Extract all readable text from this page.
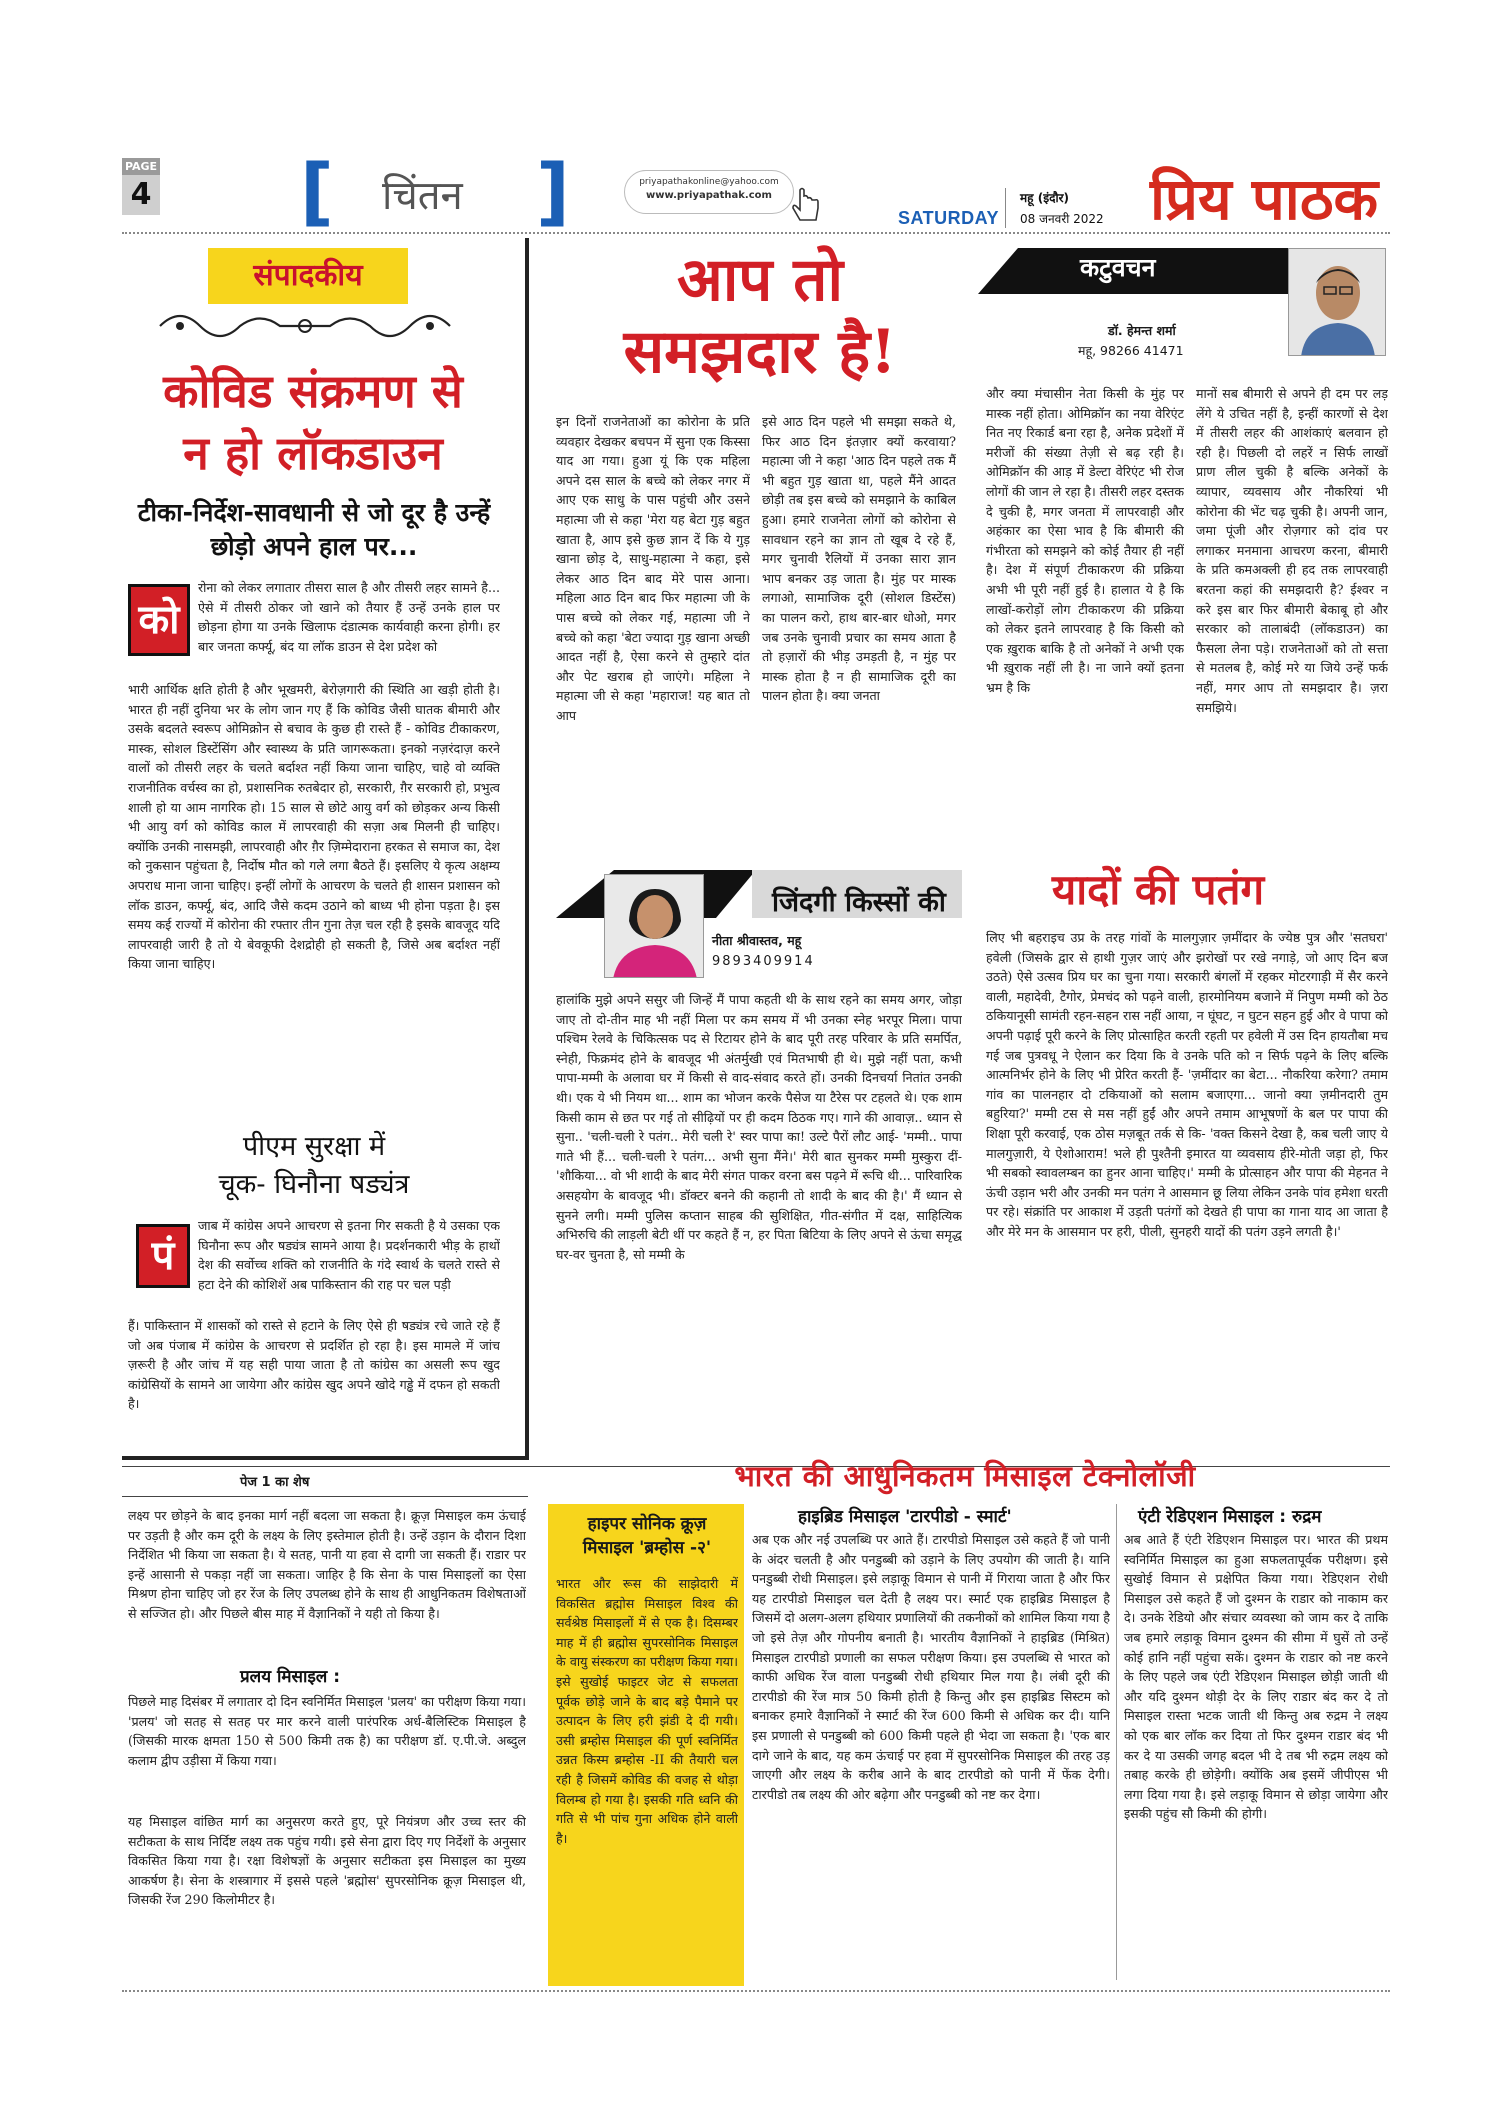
PAGE
4 [ चिंतन ]	priyapathakonline@yahoo.com
www.priyapathak.com
SATURDAY
महू (इंदौर)
08 जनवरी 2022 प्रिय पाठक
संपादकीय
कोविड संक्रमण से
न हो लॉकडाउन
टीका-निर्देश-सावधानी से जो दूर है उन्हें छोड़ो अपने हाल पर...
को
रोना को लेकर लगातार तीसरा साल है और तीसरी लहर सामने है... ऐसे में तीसरी ठोकर जो खाने को तैयार हैं उन्हें उनके हाल पर छोड़ना होगा या उनके खिलाफ दंडात्मक कार्यवाही करना होगी। हर बार जनता कर्फ्यू, बंद या लॉक डाउन से देश प्रदेश को
भारी आर्थिक क्षति होती है और भूखमरी, बेरोज़गारी की स्थिति आ खड़ी होती है। भारत ही नहीं दुनिया भर के लोग जान गए हैं कि कोविड जैसी घातक बीमारी और उसके बदलते स्वरूप ओमिक्रोन से बचाव के कुछ ही रास्ते हैं - कोविड टीकाकरण, मास्क, सोशल डिस्टेंसिंग और स्वास्थ्य के प्रति जागरूकता। इनको नज़रंदाज़ करने वालों को तीसरी लहर के चलते बर्दाश्त नहीं किया जाना चाहिए, चाहे वो व्यक्ति राजनीतिक वर्चस्व का हो, प्रशासनिक रुतबेदार हो, सरकारी, ग़ैर सरकारी हो, प्रभुत्व शाली हो या आम नागरिक हो। 15 साल से छोटे आयु वर्ग को छोड़कर अन्य किसी भी आयु वर्ग को कोविड काल में लापरवाही की सज़ा अब मिलनी ही चाहिए। क्योंकि उनकी नासमझी, लापरवाही और ग़ैर ज़िम्मेदाराना हरकत से समाज का, देश को नुकसान पहुंचता है, निर्दोष मौत को गले लगा बैठते हैं। इसलिए ये कृत्य अक्षम्य अपराध माना जाना चाहिए। इन्हीं लोगों के आचरण के चलते ही शासन प्रशासन को लॉक डाउन, कर्फ्यू, बंद, आदि जैसे कदम उठाने को बाध्य भी होना पड़ता है। इस समय कई राज्यों में कोरोना की रफ्तार तीन गुना तेज़ चल रही है इसके बावजूद यदि लापरवाही जारी है तो ये बेवकूफी देशद्रोही हो सकती है, जिसे अब बर्दाश्त नहीं किया जाना चाहिए।
पीएम सुरक्षा में
चूक- घिनौना षड्यंत्र
पं
जाब में कांग्रेस अपने आचरण से इतना गिर सकती है ये उसका एक घिनौना रूप और षड्यंत्र सामने आया है। प्रदर्शनकारी भीड़ के हाथों देश की सर्वोच्च शक्ति को राजनीति के गंदे स्वार्थ के चलते रास्ते से हटा देने की कोशिशें अब पाकिस्तान की राह पर चल पड़ी
हैं। पाकिस्तान में शासकों को रास्ते से हटाने के लिए ऐसे ही षड्यंत्र रचे जाते रहे हैं जो अब पंजाब में कांग्रेस के आचरण से प्रदर्शित हो रहा है। इस मामले में जांच ज़रूरी है और जांच में यह सही पाया जाता है तो कांग्रेस का असली रूप खुद कांग्रेसियों के सामने आ जायेगा और कांग्रेस खुद अपने खोदे गड्ढे में दफन हो सकती है।
आप तो
समझदार है!
इन दिनों राजनेताओं का कोरोना के प्रति व्यवहार देखकर बचपन में सुना एक किस्सा याद आ गया। हुआ यूं कि एक महिला अपने दस साल के बच्चे को लेकर नगर में आए एक साधु के पास पहुंची और उसने महात्मा जी से कहा 'मेरा यह बेटा गुड़ बहुत खाता है, आप इसे कुछ ज्ञान दें कि ये गुड़ खाना छोड़ दे, साधु-महात्मा ने कहा, इसे लेकर आठ दिन बाद मेरे पास आना। महिला आठ दिन बाद फिर महात्मा जी के पास बच्चे को लेकर गई, महात्मा जी ने बच्चे को कहा 'बेटा ज्यादा गुड़ खाना अच्छी आदत नहीं है, ऐसा करने से तुम्हारे दांत और पेट खराब हो जाएंगे। महिला ने महात्मा जी से कहा 'महाराज! यह बात तो आप
इसे आठ दिन पहले भी समझा सकते थे, फिर आठ दिन इंतज़ार क्यों करवाया? महात्मा जी ने कहा 'आठ दिन पहले तक मैं भी बहुत गुड़ खाता था, पहले मैंने आदत छोड़ी तब इस बच्चे को समझाने के काबिल हुआ। हमारे राजनेता लोगों को कोरोना से सावधान रहने का ज्ञान तो खूब दे रहे हैं, मगर चुनावी रैलियों में उनका सारा ज्ञान भाप बनकर उड़ जाता है। मुंह पर मास्क लगाओ, सामाजिक दूरी (सोशल डिस्टेंस) का पालन करो, हाथ बार-बार धोओ, मगर जब उनके चुनावी प्रचार का समय आता है तो हज़ारों की भीड़ उमड़ती है, न मुंह पर मास्क होता है न ही सामाजिक दूरी का पालन होता है। क्या जनता
कटुवचन
डॉ. हेमन्त शर्मा
महू, 98266 41471
और क्या मंचासीन नेता किसी के मुंह पर मास्क नहीं होता। ओमिक्रॉन का नया वेरिएंट नित नए रिकार्ड बना रहा है, अनेक प्रदेशों में मरीजों की संख्या तेज़ी से बढ़ रही है। ओमिक्रॉन की आड़ में डेल्टा वेरिएंट भी रोज लोगों की जान ले रहा है। तीसरी लहर दस्तक दे चुकी है, मगर जनता में लापरवाही और अहंकार का ऐसा भाव है कि बीमारी की गंभीरता को समझने को कोई तैयार ही नहीं है। देश में संपूर्ण टीकाकरण की प्रक्रिया अभी भी पूरी नहीं हुई है। हालात ये है कि लाखों-करोड़ों लोग टीकाकरण की प्रक्रिया को लेकर इतने लापरवाह है कि किसी को एक ख़ुराक बाकि है तो अनेकों ने अभी एक भी ख़ुराक नहीं ली है। ना जाने क्यों इतना भ्रम है कि
मानों सब बीमारी से अपने ही दम पर लड़ लेंगे ये उचित नहीं है, इन्हीं कारणों से देश में तीसरी लहर की आशंकाएं बलवान हो रही है। पिछली दो लहरें न सिर्फ लाखों प्राण लील चुकी है बल्कि अनेकों के व्यापार, व्यवसाय और नौकरियां भी कोरोना की भेंट चढ़ चुकी है। अपनी जान, जमा पूंजी और रोज़गार को दांव पर लगाकर मनमाना आचरण करना, बीमारी के प्रति कमअक्ली ही हद तक लापरवाही बरतना कहां की समझदारी है? ईश्वर न करे इस बार फिर बीमारी बेकाबू हो और सरकार को तालाबंदी (लॉकडाउन) का फैसला लेना पड़े। राजनेताओं को तो सत्ता से मतलब है, कोई मरे या जिये उन्हें फर्क नहीं, मगर आप तो समझदार है। ज़रा समझिये।
जिंदगी किस्सों की
नीता श्रीवास्तव, महू
9893409914
हालांकि मुझे अपने ससुर जी जिन्हें मैं पापा कहती थी के साथ रहने का समय अगर, जोड़ा जाए तो दो-तीन माह भी नहीं मिला पर कम समय में भी उनका स्नेह भरपूर मिला। पापा पश्चिम रेलवे के चिकित्सक पद से रिटायर होने के बाद पूरी तरह परिवार के प्रति समर्पित, स्नेही, फिक्रमंद होने के बावजूद भी अंतर्मुखी एवं मितभाषी ही थे। मुझे नहीं पता, कभी पापा-मम्मी के अलावा घर में किसी से वाद-संवाद करते हों। उनकी दिनचर्या नितांत उनकी थी। एक ये भी नियम था... शाम का भोजन करके पैसेज या टैरेस पर टहलते थे। एक शाम किसी काम से छत पर गई तो सीढ़ियों पर ही कदम ठिठक गए। गाने की आवाज़.. ध्यान से सुना.. 'चली-चली रे पतंग.. मेरी चली रे' स्वर पापा का! उल्टे पैरों लौट आई- 'मम्मी.. पापा गाते भी हैं... चली-चली रे पतंग... अभी सुना मैंने।' मेरी बात सुनकर मम्मी मुस्कुरा दीं- 'शौकिया... वो भी शादी के बाद मेरी संगत पाकर वरना बस पढ़ने में रूचि थी... पारिवारिक असहयोग के बावजूद भी। डॉक्टर बनने की कहानी तो शादी के बाद की है।' मैं ध्यान से सुनने लगी। मम्मी पुलिस कप्तान साहब की सुशिक्षित, गीत-संगीत में दक्ष, साहित्यिक अभिरुचि की लाड़ली बेटी थीं पर कहते हैं न, हर पिता बिटिया के लिए अपने से ऊंचा समृद्ध घर-वर चुनता है, सो मम्मी के
यादों की पतंग
लिए भी बहराइच उप्र के तरह गांवों के मालगुज़ार ज़मींदार के ज्येष्ठ पुत्र और 'सतघरा' हवेली (जिसके द्वार से हाथी गुज़र जाएं और झरोखों पर रखे नगाड़े, जो आए दिन बज उठते) ऐसे उत्सव प्रिय घर का चुना गया। सरकारी बंगलों में रहकर मोटरगाड़ी में सैर करने वाली, महादेवी, टैगोर, प्रेमचंद को पढ़ने वाली, हारमोनियम बजाने में निपुण मम्मी को ठेठ ठकियानूसी सामंती रहन-सहन रास नहीं आया, न घूंघट, न घुटन सहन हुई और वे पापा को अपनी पढ़ाई पूरी करने के लिए प्रोत्साहित करती रहती पर हवेली में उस दिन हायतौबा मच गई जब पुत्रवधू ने ऐलान कर दिया कि वे उनके पति को न सिर्फ पढ़ने के लिए बल्कि आत्मनिर्भर होने के लिए भी प्रेरित करती हैं- 'ज़मींदार का बेटा... नौकरिया करेगा? तमाम गांव का पालनहार दो टकियाओं को सलाम बजाएगा... जानो क्या ज़मीनदारी तुम बहुरिया?' मम्मी टस से मस नहीं हुईं और अपने तमाम आभूषणों के बल पर पापा की शिक्षा पूरी करवाई, एक ठोस मज़बूत तर्क से कि- 'वक्त किसने देखा है, कब चली जाए ये मालगुज़ारी, ये ऐशोआराम! भले ही पुश्तैनी इमारत या व्यवसाय हीरे-मोती जड़ा हो, फिर भी सबको स्वावलम्बन का हुनर आना चाहिए।' मम्मी के प्रोत्साहन और पापा की मेहनत ने ऊंची उड़ान भरी और उनकी मन पतंग ने आसमान छू लिया लेकिन उनके पांव हमेशा धरती पर रहे। संक्रांति पर आकाश में उड़ती पतंगों को देखते ही पापा का गाना याद आ जाता है और मेरे मन के आसमान पर हरी, पीली, सुनहरी यादों की पतंग उड़ने लगती है।'
भारत की आधुनिकतम मिसाइल टेक्नोलॉजी
पेज 1 का शेष
लक्ष्य पर छोड़ने के बाद इनका मार्ग नहीं बदला जा सकता है। क्रूज़ मिसाइल कम ऊंचाई पर उड़ती है और कम दूरी के लक्ष्य के लिए इस्तेमाल होती है। उन्हें उड़ान के दौरान दिशा निर्देशित भी किया जा सकता है। ये सतह, पानी या हवा से दागी जा सकती हैं। राडार पर इन्हें आसानी से पकड़ा नहीं जा सकता। जाहिर है कि सेना के पास मिसाइलों का ऐसा मिश्रण होना चाहिए जो हर रेंज के लिए उपलब्ध होने के साथ ही आधुनिकतम विशेषताओं से सज्जित हो। और पिछले बीस माह में वैज्ञानिकों ने यही तो किया है।
प्रलय मिसाइल :
पिछले माह दिसंबर में लगातार दो दिन स्वनिर्मित मिसाइल 'प्रलय' का परीक्षण किया गया। 'प्रलय' जो सतह से सतह पर मार करने वाली पारंपरिक अर्ध-बैलिस्टिक मिसाइल है (जिसकी मारक क्षमता 150 से 500 किमी तक है) का परीक्षण डॉ. ए.पी.जे. अब्दुल कलाम द्वीप उड़ीसा में किया गया।
यह मिसाइल वांछित मार्ग का अनुसरण करते हुए, पूरे नियंत्रण और उच्च स्तर की सटीकता के साथ निर्दिष्ट लक्ष्य तक पहुंच गयी। इसे सेना द्वारा दिए गए निर्देशों के अनुसार विकसित किया गया है। रक्षा विशेषज्ञों के अनुसार सटीकता इस मिसाइल का मुख्य आकर्षण है। सेना के शस्त्रागार में इससे पहले 'ब्रह्मोस' सुपरसोनिक क्रूज़ मिसाइल थी, जिसकी रेंज 290 किलोमीटर है।
हाइपर सोनिक क्रूज़ मिसाइल 'ब्रम्होस -२'
भारत और रूस की साझेदारी में विकसित ब्रह्मोस मिसाइल विश्व की सर्वश्रेष्ठ मिसाइलों में से एक है। दिसम्बर माह में ही ब्रह्मोस सुपरसोनिक मिसाइल के वायु संस्करण का परीक्षण किया गया। इसे सुखोई फाइटर जेट से सफलता पूर्वक छोड़े जाने के बाद बड़े पैमाने पर उत्पादन के लिए हरी झंडी दे दी गयी। उसी ब्रम्होस मिसाइल की पूर्ण स्वनिर्मित उन्नत किस्म ब्रम्होस -II की तैयारी चल रही है जिसमें कोविड की वजह से थोड़ा विलम्ब हो गया है। इसकी गति ध्वनि की गति से भी पांच गुना अधिक होने वाली है।
हाइब्रिड मिसाइल 'टारपीडो - स्मार्ट'
अब एक और नई उपलब्धि पर आते हैं। टारपीडो मिसाइल उसे कहते हैं जो पानी के अंदर चलती है और पनडुब्बी को उड़ाने के लिए उपयोग की जाती है। यानि पनडुब्बी रोधी मिसाइल। इसे लड़ाकू विमान से पानी में गिराया जाता है और फिर यह टारपीडो मिसाइल चल देती है लक्ष्य पर। स्मार्ट एक हाइब्रिड मिसाइल है जिसमें दो अलग-अलग हथियार प्रणालियों की तकनीकों को शामिल किया गया है जो इसे तेज़ और गोपनीय बनाती है। भारतीय वैज्ञानिकों ने हाइब्रिड (मिश्रित) मिसाइल टारपीडो प्रणाली का सफल परीक्षण किया। इस उपलब्धि से भारत को काफी अधिक रेंज वाला पनडुब्बी रोधी हथियार मिल गया है। लंबी दूरी की टारपीडो की रेंज मात्र 50 किमी होती है किन्तु और इस हाइब्रिड सिस्टम को बनाकर हमारे वैज्ञानिकों ने स्मार्ट की रेंज 600 किमी से अधिक कर दी। यानि इस प्रणाली से पनडुब्बी को 600 किमी पहले ही भेदा जा सकता है। 'एक बार दागे जाने के बाद, यह कम ऊंचाई पर हवा में सुपरसोनिक मिसाइल की तरह उड़ जाएगी और लक्ष्य के करीब आने के बाद टारपीडो को पानी में फेंक देगी। टारपीडो तब लक्ष्य की ओर बढ़ेगा और पनडुब्बी को नष्ट कर देगा।
एंटी रेडिएशन मिसाइल : रुद्रम
अब आते हैं एंटी रेडिएशन मिसाइल पर। भारत की प्रथम स्वनिर्मित मिसाइल का हुआ सफलतापूर्वक परीक्षण। इसे सुखोई विमान से प्रक्षेपित किया गया। रेडिएशन रोधी मिसाइल उसे कहते हैं जो दुश्मन के राडार को नाकाम कर दे। उनके रेडियो और संचार व्यवस्था को जाम कर दे ताकि जब हमारे लड़ाकू विमान दुश्मन की सीमा में घुसें तो उन्हें कोई हानि नहीं पहुंचा सकें। दुश्मन के राडार को नष्ट करने के लिए पहले जब एंटी रेडिएशन मिसाइल छोड़ी जाती थी और यदि दुश्मन थोड़ी देर के लिए राडार बंद कर दे तो मिसाइल रास्ता भटक जाती थी किन्तु अब रुद्रम ने लक्ष्य को एक बार लॉक कर दिया तो फिर दुश्मन राडार बंद भी कर दे या उसकी जगह बदल भी दे तब भी रुद्रम लक्ष्य को तबाह करके ही छोड़ेगी। क्योंकि अब इसमें जीपीएस भी लगा दिया गया है। इसे लड़ाकू विमान से छोड़ा जायेगा और इसकी पहुंच सौ किमी की होगी।
